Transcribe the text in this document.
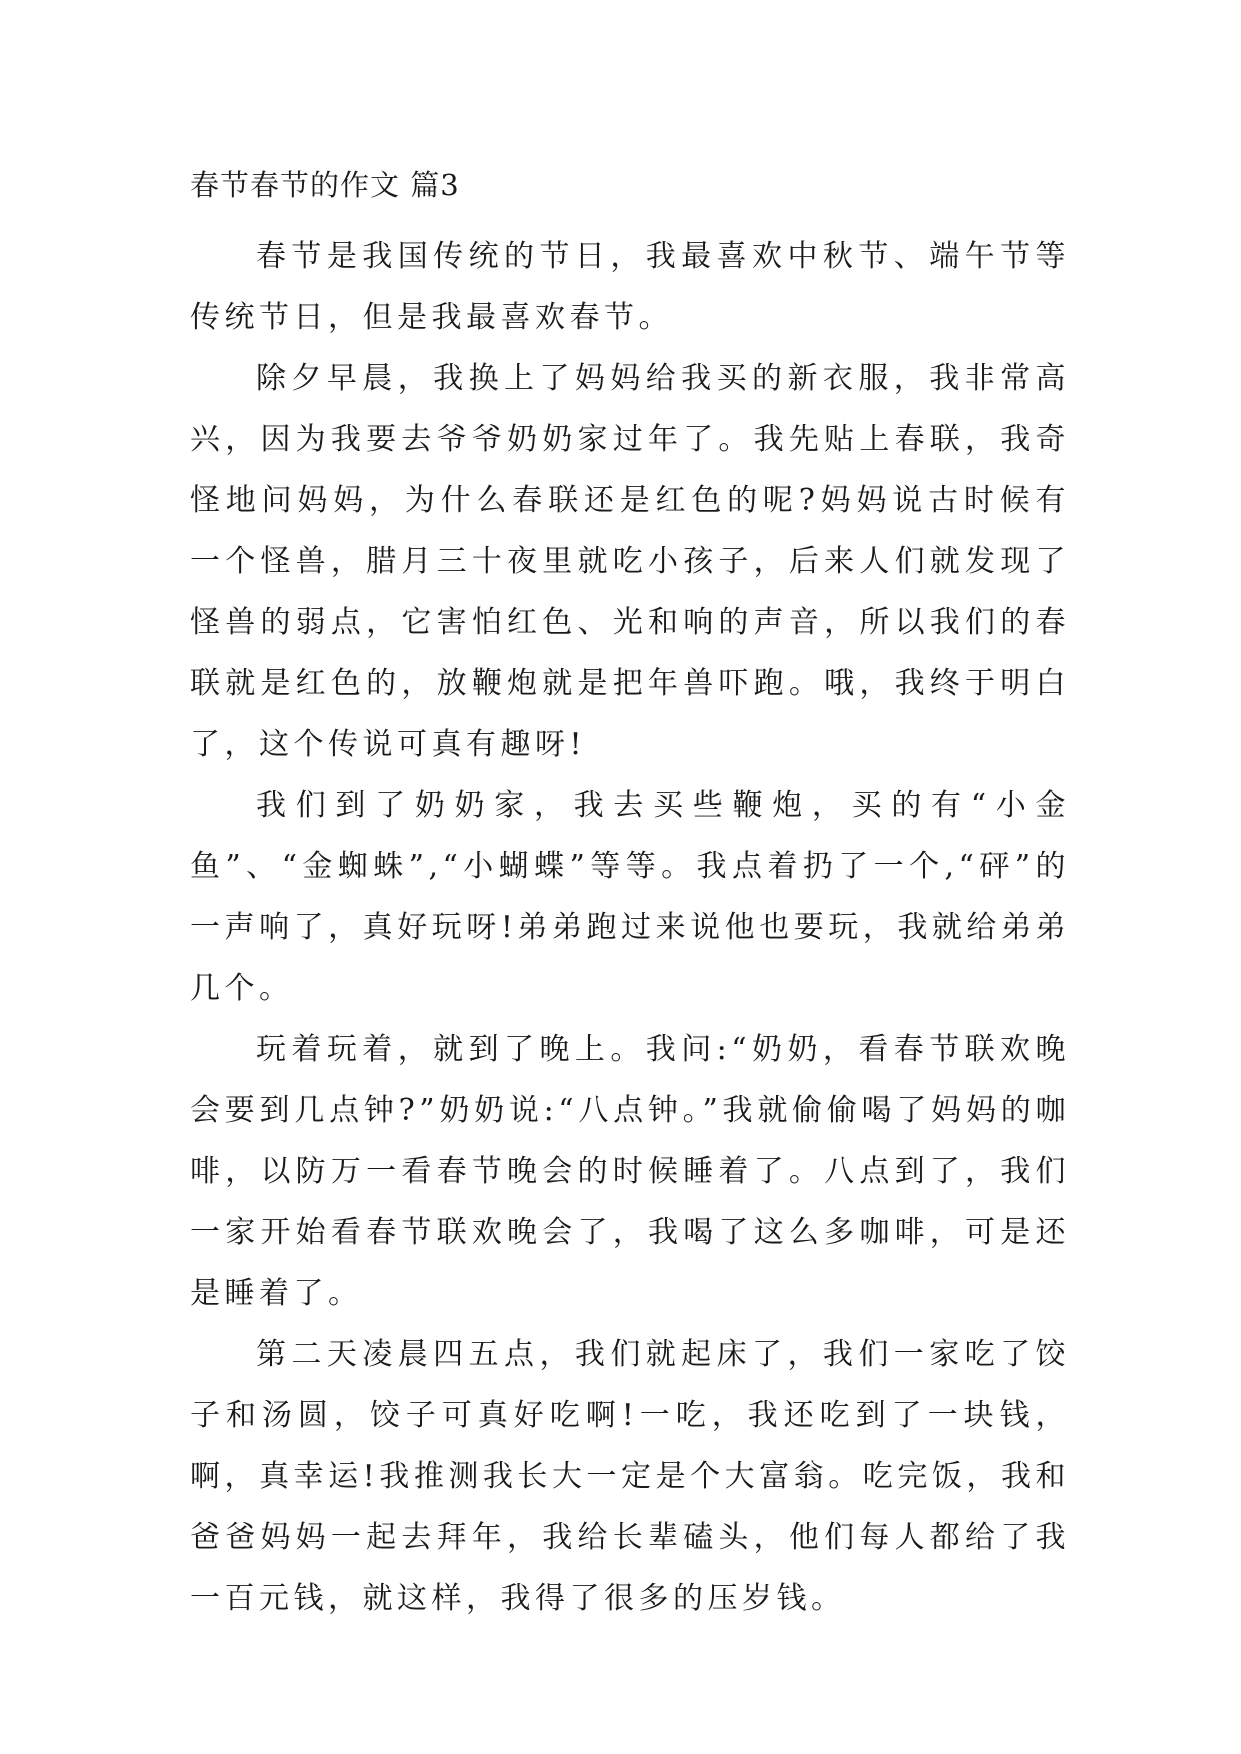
春节春节的作文 篇3

春节是我国传统的节日，我最喜欢中秋节、端午节等传统节日，但是我最喜欢春节。

除夕早晨，我换上了妈妈给我买的新衣服，我非常高兴，因为我要去爷爷奶奶家过年了。我先贴上春联，我奇怪地问妈妈，为什么春联还是红色的呢?妈妈说古时候有一个怪兽，腊月三十夜里就吃小孩子，后来人们就发现了怪兽的弱点，它害怕红色、光和响的声音，所以我们的春联就是红色的，放鞭炮就是把年兽吓跑。哦，我终于明白了，这个传说可真有趣呀!

我们到了奶奶家，我去买些鞭炮，买的有“小金鱼”、“金蜘蛛”,“小蝴蝶”等等。我点着扔了一个,“砰”的一声响了，真好玩呀!弟弟跑过来说他也要玩，我就给弟弟几个。

玩着玩着，就到了晚上。我问:“奶奶，看春节联欢晚会要到几点钟?”奶奶说:“八点钟。”我就偷偷喝了妈妈的咖啡，以防万一看春节晚会的时候睡着了。八点到了，我们一家开始看春节联欢晚会了，我喝了这么多咖啡，可是还是睡着了。

第二天凌晨四五点，我们就起床了，我们一家吃了饺子和汤圆，饺子可真好吃啊!一吃，我还吃到了一块钱，啊，真幸运!我推测我长大一定是个大富翁。吃完饭，我和爸爸妈妈一起去拜年，我给长辈磕头，他们每人都给了我一百元钱，就这样，我得了很多的压岁钱。
